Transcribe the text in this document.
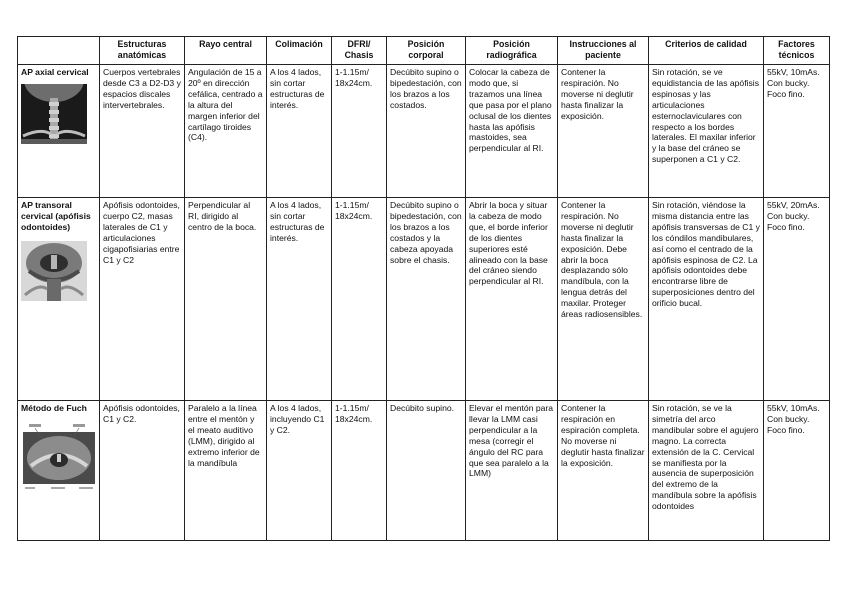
	Estructuras anatómicas	Rayo central	Colimación	DFRI/ Chasis	Posición corporal	Posición radiográfica	Instrucciones al paciente	Criterios de calidad	Factores técnicos

AP axial cervical	Cuerpos vertebrales desde C3 a D2-D3 y espacios discales intervertebrales.	Angulación de 15 a 20º en dirección cefálica, centrado a la altura del margen inferior del cartílago tiroides (C4).	A los 4 lados, sin cortar estructuras de interés.	1-1.15m/ 18x24cm.	Decúbito supino o bipedestación, con los brazos a los costados.	Colocar la cabeza de modo que, si trazamos una línea que pasa por el plano oclusal de los dientes hasta las apófisis mastoides, sea perpendicular al RI.	Contener la respiración. No moverse ni deglutir hasta finalizar la exposición.	Sin rotación, se ve equidistancia de las apófisis espinosas y las articulaciones esternoclaviculares con respecto a los bordes laterales. El maxilar inferior y la base del cráneo se superponen a C1 y C2.	55kV, 10mAs. Con bucky. Foco fino.

AP transoral cervical (apófisis odontoides)	Apófisis odontoides, cuerpo C2, masas laterales de C1 y articulaciones cigapofisiarias entre C1 y C2	Perpendicular al RI, dirigido al centro de la boca.	A los 4 lados, sin cortar estructuras de interés.	1-1.15m/ 18x24cm.	Decúbito supino o bipedestación, con los brazos a los costados y la cabeza apoyada sobre el chasis.	Abrir la boca y situar la cabeza de modo que, el borde inferior de los dientes superiores esté alineado con la base del cráneo siendo perpendicular al RI.	Contener la respiración. No moverse ni deglutir hasta finalizar la exposición. Debe abrir la boca desplazando sólo mandíbula, con la lengua detrás del maxilar. Proteger áreas radiosensibles.	Sin rotación, viéndose la misma distancia entre las apófisis transversas de C1 y los cóndilos mandibulares, así como el centrado de la apófisis espinosa de C2. La apófisis odontoides debe encontrarse libre de superposiciones dentro del orificio bucal.	55kV, 20mAs. Con bucky. Foco fino.

Método de Fuch	Apófisis odontoides, C1 y C2.	Paralelo a la línea entre el mentón y el meato auditivo (LMM), dirigido al extremo inferior de la mandíbula	A los 4 lados, incluyendo C1 y C2.	1-1.15m/ 18x24cm.	Decúbito supino.	Elevar el mentón para llevar la LMM casi perpendicular a la mesa (corregir el ángulo del RC para que sea paralelo a la LMM)	Contener la respiración en espiración completa. No moverse ni deglutir hasta finalizar la exposición.	Sin rotación, se ve la simetría del arco mandibular sobre el agujero magno. La correcta extensión de la C. Cervical se manifiesta por la ausencia de superposición del extremo de la mandíbula sobre la apófisis odontoides	55kV, 10mAs. Con bucky. Foco fino.
